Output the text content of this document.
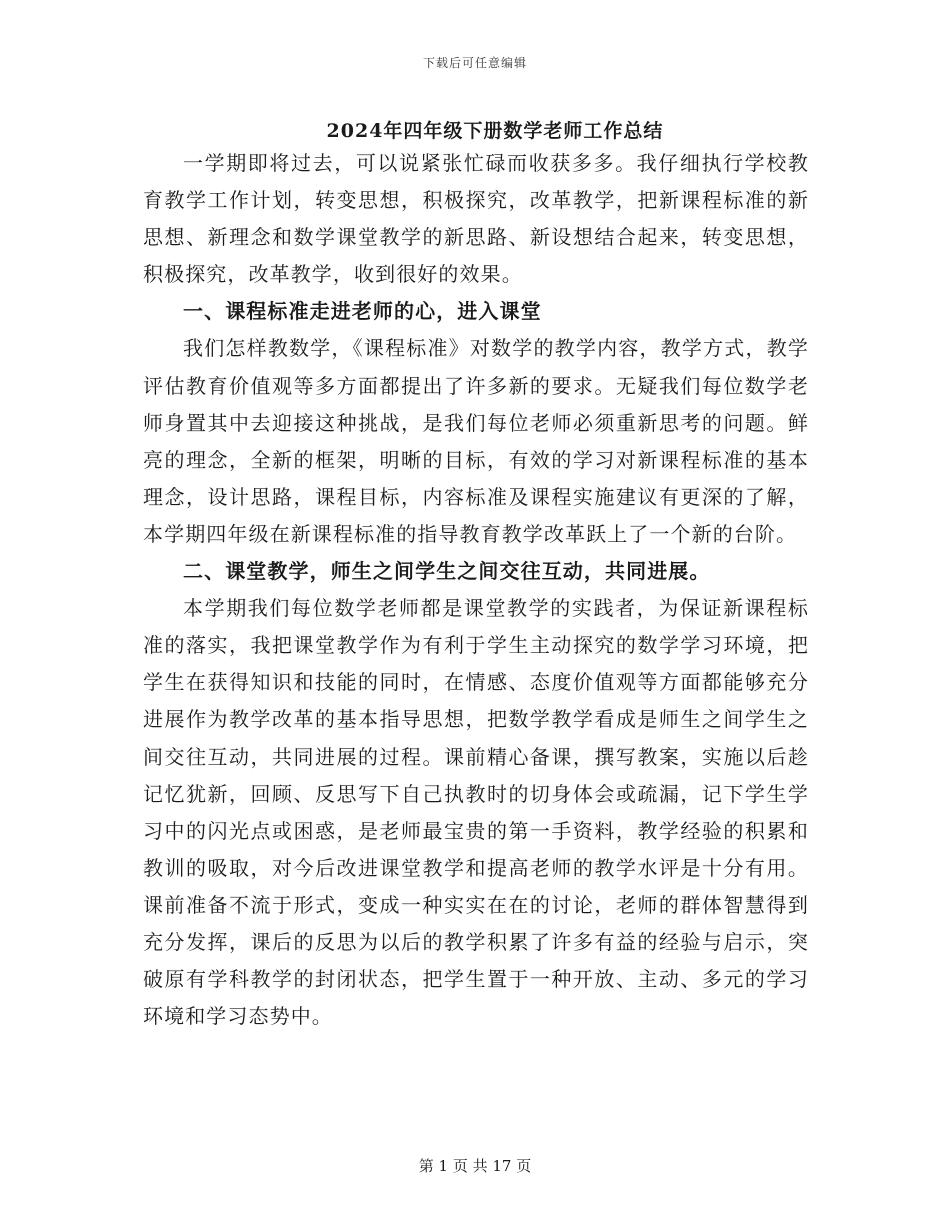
下载后可任意编辑
2024年四年级下册数学老师工作总结

一学期即将过去，可以说紧张忙碌而收获多多。我仔细执行学校教育教学工作计划，转变思想，积极探究，改革教学，把新课程标准的新思想、新理念和数学课堂教学的新思路、新设想结合起来，转变思想，积极探究，改革教学，收到很好的效果。

一、课程标准走进老师的心，进入课堂

我们怎样教数学，《课程标准》对数学的教学内容，教学方式，教学评估教育价值观等多方面都提出了许多新的要求。无疑我们每位数学老师身置其中去迎接这种挑战，是我们每位老师必须重新思考的问题。鲜亮的理念，全新的框架，明晰的目标，有效的学习对新课程标准的基本理念，设计思路，课程目标，内容标准及课程实施建议有更深的了解，本学期四年级在新课程标准的指导教育教学改革跃上了一个新的台阶。

二、课堂教学，师生之间学生之间交往互动，共同进展。

本学期我们每位数学老师都是课堂教学的实践者，为保证新课程标准的落实，我把课堂教学作为有利于学生主动探究的数学学习环境，把学生在获得知识和技能的同时，在情感、态度价值观等方面都能够充分进展作为教学改革的基本指导思想，把数学教学看成是师生之间学生之间交往互动，共同进展的过程。课前精心备课，撰写教案，实施以后趁记忆犹新，回顾、反思写下自己执教时的切身体会或疏漏，记下学生学习中的闪光点或困惑，是老师最宝贵的第一手资料，教学经验的积累和教训的吸取，对今后改进课堂教学和提高老师的教学水评是十分有用。课前准备不流于形式，变成一种实实在在的讨论，老师的群体智慧得到充分发挥，课后的反思为以后的教学积累了许多有益的经验与启示，突破原有学科教学的封闭状态，把学生置于一种开放、主动、多元的学习环境和学习态势中。

第 1 页 共 17 页
